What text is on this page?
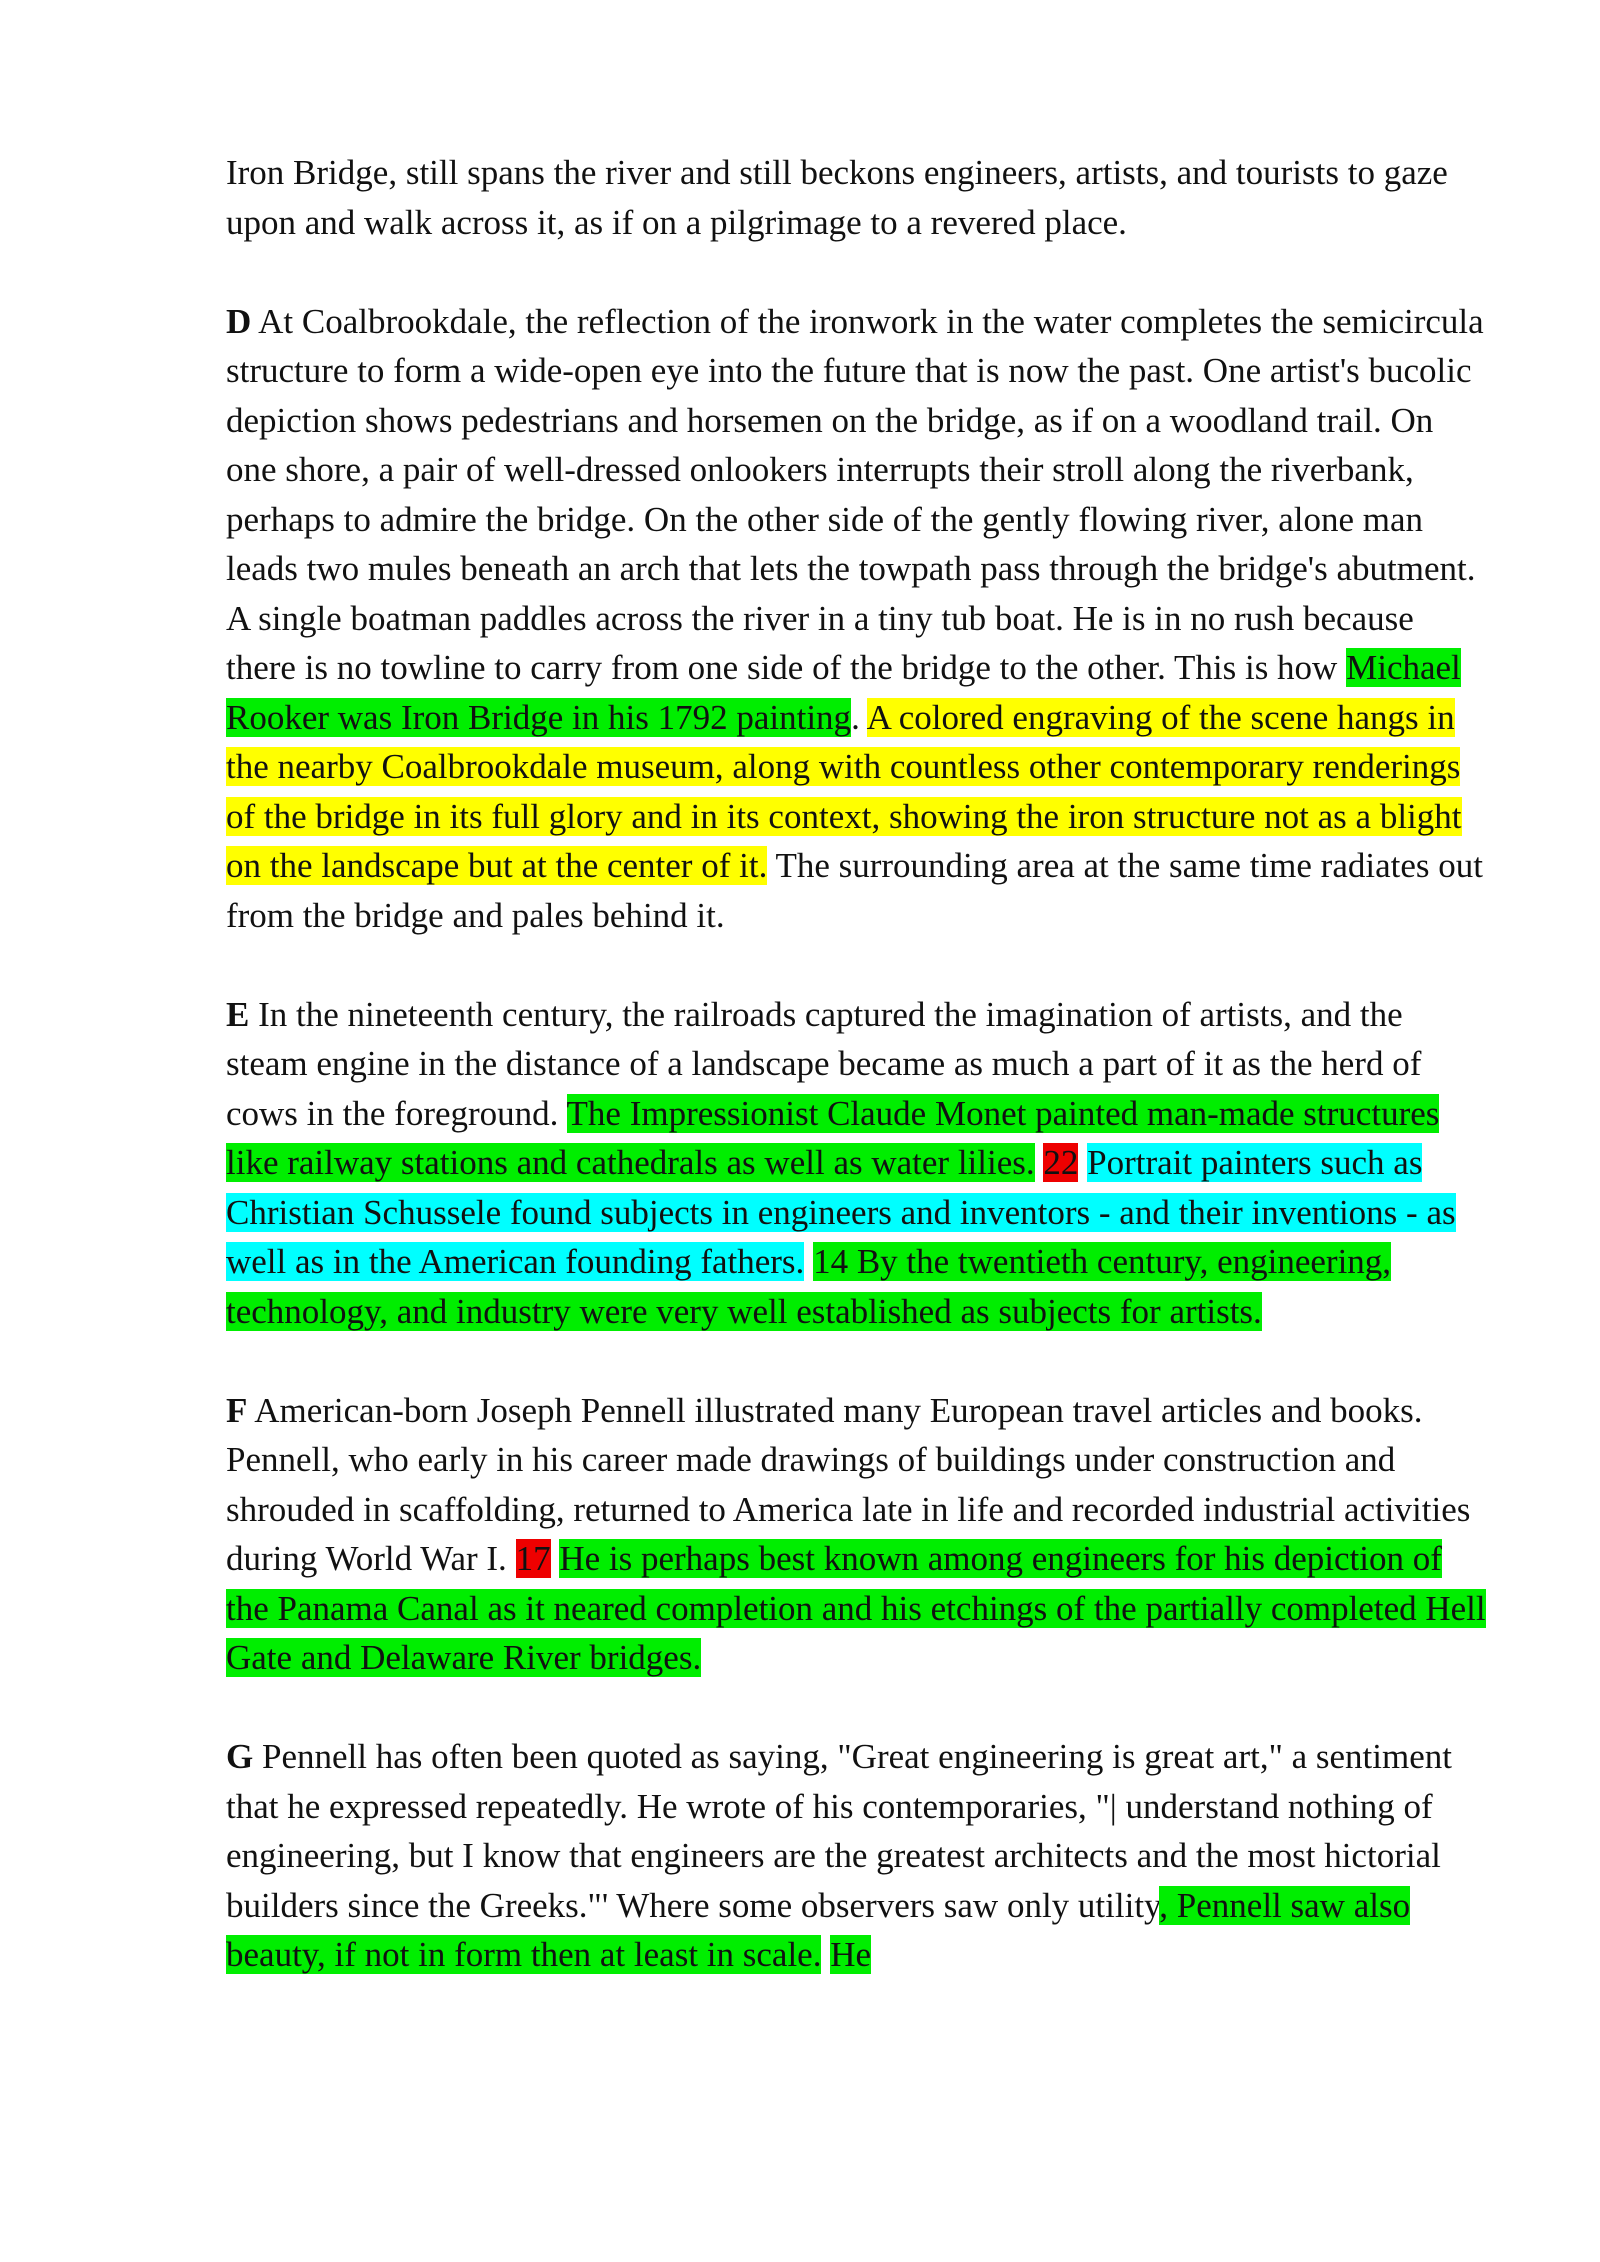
Iron Bridge, still spans the river and still beckons engineers, artists, and tourists to gaze upon and walk across it, as if on a pilgrimage to a revered place.

D At Coalbrookdale, the reflection of the ironwork in the water completes the semicircula structure to form a wide-open eye into the future that is now the past. One artist's bucolic depiction shows pedestrians and horsemen on the bridge, as if on a woodland trail. On one shore, a pair of well-dressed onlookers interrupts their stroll along the riverbank, perhaps to admire the bridge. On the other side of the gently flowing river, alone man leads two mules beneath an arch that lets the towpath pass through the bridge's abutment. A single boatman paddles across the river in a tiny tub boat. He is in no rush because there is no towline to carry from one side of the bridge to the other. This is how Michael Rooker was Iron Bridge in his 1792 painting. A colored engraving of the scene hangs in the nearby Coalbrookdale museum, along with countless other contemporary renderings of the bridge in its full glory and in its context, showing the iron structure not as a blight on the landscape but at the center of it. The surrounding area at the same time radiates out from the bridge and pales behind it.

E In the nineteenth century, the railroads captured the imagination of artists, and the steam engine in the distance of a landscape became as much a part of it as the herd of cows in the foreground. The Impressionist Claude Monet painted man-made structures like railway stations and cathedrals as well as water lilies. 22 Portrait painters such as Christian Schussele found subjects in engineers and inventors - and their inventions - as well as in the American founding fathers. 14 By the twentieth century, engineering, technology, and industry were very well established as subjects for artists.

F American-born Joseph Pennell illustrated many European travel articles and books. Pennell, who early in his career made drawings of buildings under construction and shrouded in scaffolding, returned to America late in life and recorded industrial activities during World War I. 17 He is perhaps best known among engineers for his depiction of the Panama Canal as it neared completion and his etchings of the partially completed Hell Gate and Delaware River bridges.

G Pennell has often been quoted as saying, "Great engineering is great art," a sentiment that he expressed repeatedly. He wrote of his contemporaries, "| understand nothing of engineering, but I know that engineers are the greatest architects and the most hictorial builders since the Greeks."' Where some observers saw only utility, Pennell saw also beauty, if not in form then at least in scale. He
